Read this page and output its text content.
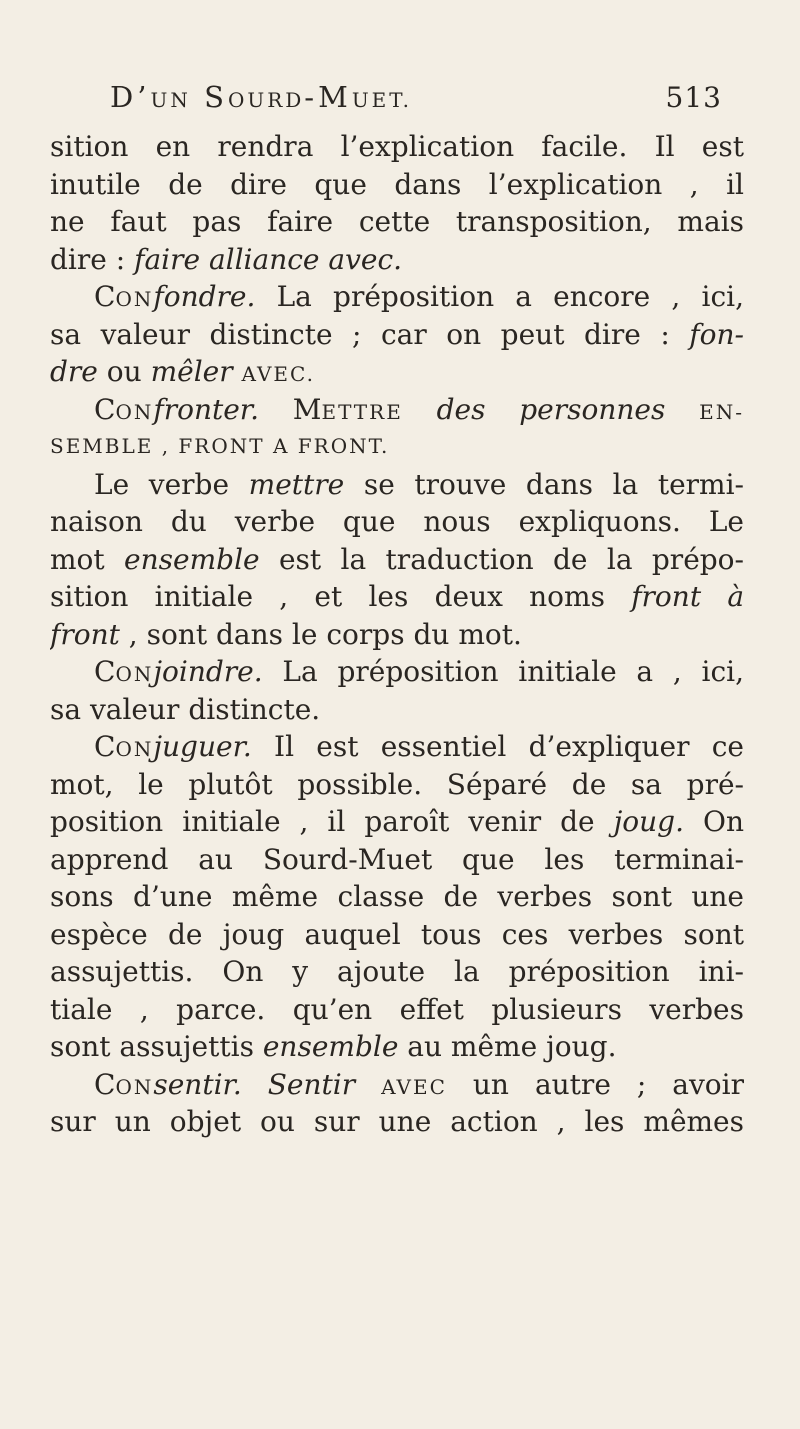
D’UN SOURD-MUET.	513
sition en rendra l’explication facile. Il est
inutile de dire que dans l’explication , il
ne faut pas faire cette transposition, mais
dire : faire alliance avec.
CONfondre. La préposition a encore , ici,
sa valeur distincte ; car on peut dire : fon-
dre ou mêler AVEC.
CONfronter. METTRE des personnes EN-
SEMBLE , FRONT A FRONT.
Le verbe mettre se trouve dans la termi-
naison du verbe que nous expliquons. Le
mot ensemble est la traduction de la prépo-
sition initiale , et les deux noms front à
front , sont dans le corps du mot.
CONjoindre. La préposition initiale a , ici,
sa valeur distincte.
CONjuguer. Il est essentiel d’expliquer ce
mot, le plutôt possible. Séparé de sa pré-
position initiale , il paroît venir de joug. On
apprend au Sourd-Muet que les terminai-
sons d’une même classe de verbes sont une
espèce de joug auquel tous ces verbes sont
assujettis. On y ajoute la préposition ini-
tiale , parce. qu’en effet plusieurs verbes
sont assujettis ensemble au même joug.
CONsentir. Sentir AVEC un autre ; avoir
sur un objet ou sur une action , les mêmes
